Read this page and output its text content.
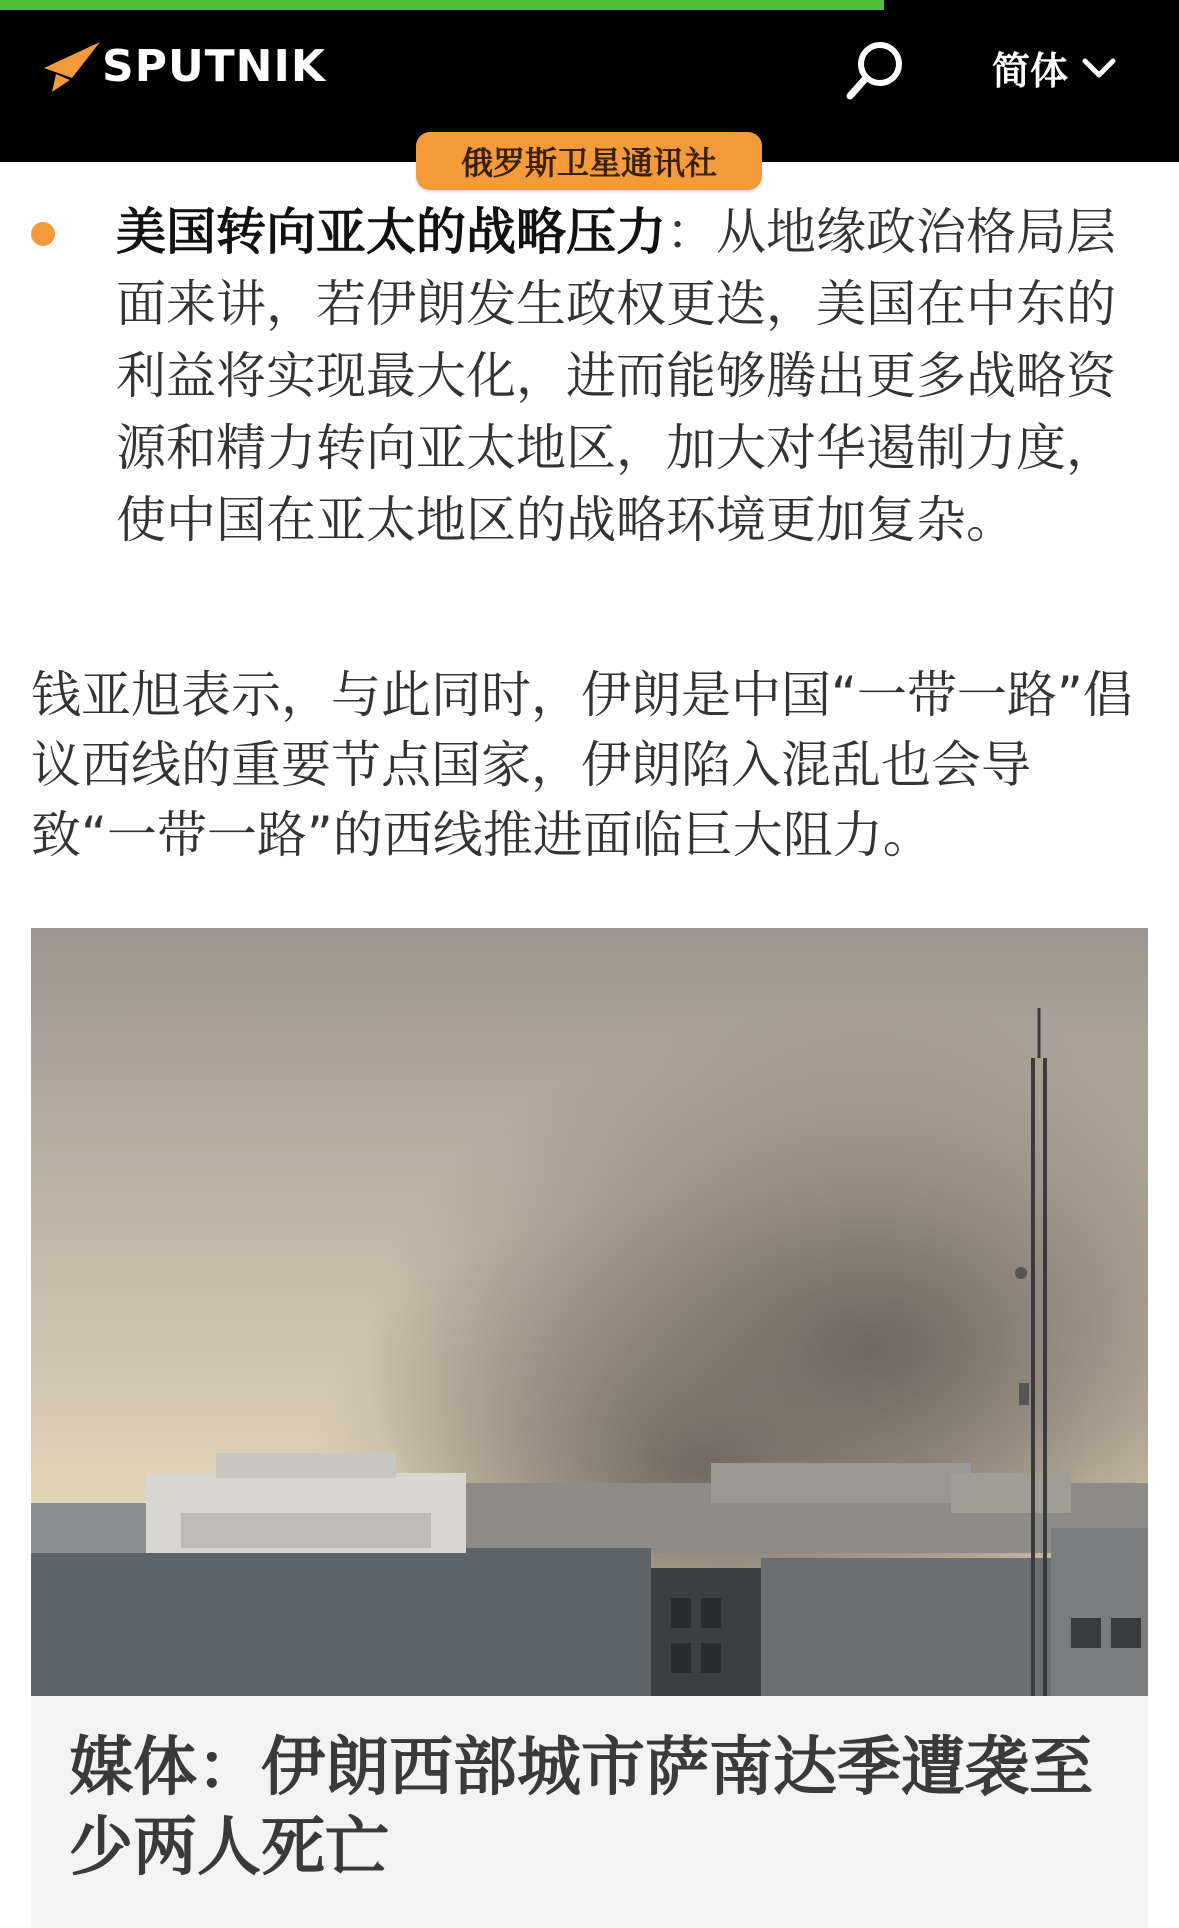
SPUTNIK	简体
俄罗斯卫星通讯社
美国转向亚太的战略压力：从地缘政治格局层面来讲，若伊朗发生政权更迭，美国在中东的利益将实现最大化，进而能够腾出更多战略资源和精力转向亚太地区，加大对华遏制力度，使中国在亚太地区的战略环境更加复杂。
钱亚旭表示，与此同时，伊朗是中国“一带一路”倡议西线的重要节点国家，伊朗陷入混乱也会导致“一带一路”的西线推进面临巨大阻力。
媒体：伊朗西部城市萨南达季遭袭至少两人死亡
